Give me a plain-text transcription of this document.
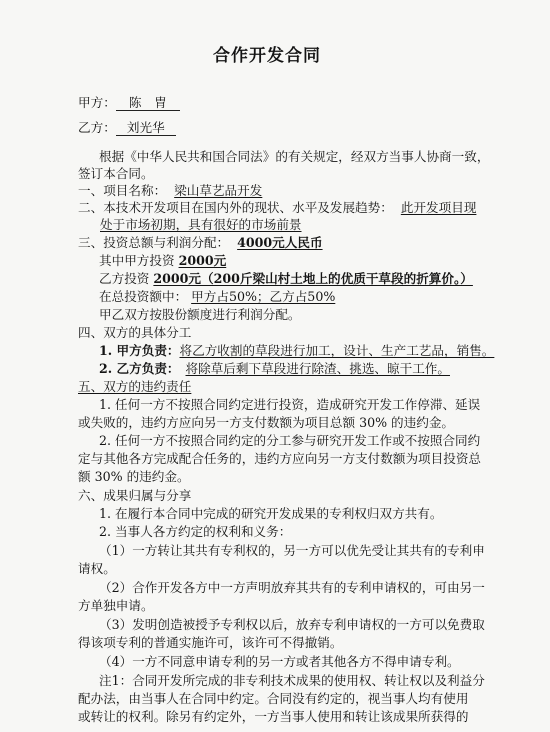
合作开发合同
甲方： 陈　胄
乙方： 刘光华
根据《中华人民共和国合同法》的有关规定，经双方当事人协商一致，
签订本合同。
一、项目名称： 梁山草艺品开发
二、本技术开发项目在国内外的现状、水平及发展趋势： 此开发项目现
处于市场初期，具有很好的市场前景
三、投资总额与利润分配： 4000元人民币
其中甲方投资 2000元
乙方投资 2000元（200斤梁山村土地上的优质干草段的折算价。）
在总投资额中： 甲方占50%；乙方占50%
甲乙双方按股份额度进行利润分配。
四、双方的具体分工
1. 甲方负责：将乙方收割的草段进行加工，设计、生产工艺品，销售。
2. 乙方负责： 将除草后剩下草段进行除渣、挑选、晾干工作。
五、双方的违约责任
1. 任何一方不按照合同约定进行投资，造成研究开发工作停滞、延误
或失败的，违约方应向另一方支付数额为项目总额 30% 的违约金。
2. 任何一方不按照合同约定的分工参与研究开发工作或不按照合同约
定与其他各方完成配合任务的，违约方应向另一方支付数额为项目投资总
额 30% 的违约金。
六、成果归属与分享
1. 在履行本合同中完成的研究开发成果的专利权归双方共有。
2. 当事人各方约定的权利和义务：
（1）一方转让其共有专利权的，另一方可以优先受让其共有的专利申
请权。
（2）合作开发各方中一方声明放弃其共有的专利申请权的，可由另一
方单独申请。
（3）发明创造被授予专利权以后，放弃专利申请权的一方可以免费取
得该项专利的普通实施许可，该许可不得撤销。
（4）一方不同意申请专利的另一方或者其他各方不得申请专利。
注1：合同开发所完成的非专利技术成果的使用权、转让权以及利益分
配办法，由当事人在合同中约定。合同没有约定的，视当事人均有使用
或转让的权利。除另有约定外，一方当事人使用和转让该成果所获得的
